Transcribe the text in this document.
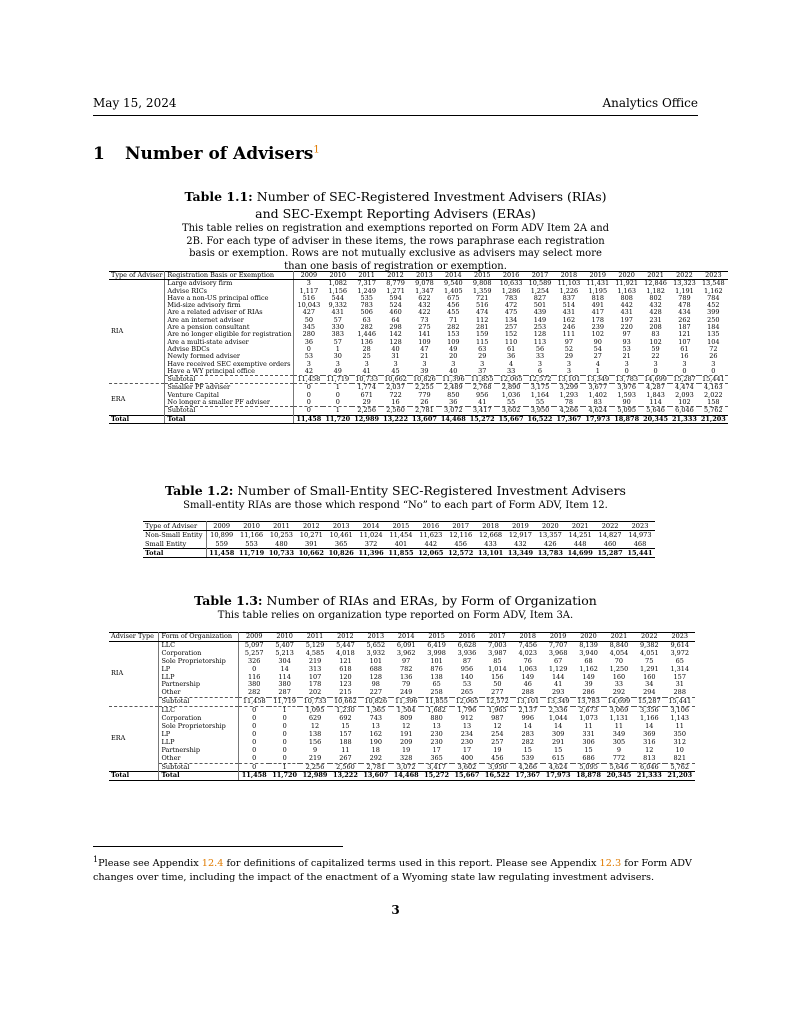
May 15, 2024	Analytics Office
1 Number of Advisers$^1$
Table 1.1: Number of SEC-Registered Investment Advisers (RIAs) and SEC-Exempt Reporting Advisers (ERAs)
This table relies on registration and exemptions reported on Form ADV Item 2A and 2B. For each type of adviser in these items, the rows paraphrase each registration basis or exemption. Rows are not mutually exclusive as advisers may select more than one basis of registration or exemption.
Type of Adviser	Registration Basis or Exemption	2009	2010	2011	2012	2013	2014	2015	2016	2017	2018	2019	2020	2021	2022	2023
RIA	Large advisory firm	3	1,082	7,317	8,779	9,078	9,540	9,808	10,633	10,589	11,103	11,431	11,921	12,846	13,323	13,548
	Advise RICs	1,117	1,156	1,249	1,271	1,347	1,405	1,359	1,286	1,254	1,226	1,195	1,163	1,182	1,191	1,162
	Have a non-US principal office	516	544	535	594	622	675	721	783	827	837	818	808	802	789	784
	Mid-size advisory firm	10,043	9,332	783	524	432	456	516	472	501	514	491	442	432	478	452
	Are a related adviser of RIAs	427	431	506	460	422	455	474	475	439	431	417	431	428	434	399
	Are an internet adviser	50	57	63	64	73	71	112	134	149	162	178	197	231	262	250
	Are a pension consultant	345	330	282	298	275	282	281	257	253	246	239	220	208	187	184
	Are no longer eligible for registration	280	383	1,446	142	141	153	159	152	128	111	102	97	83	121	135
	Are a multi-state adviser	36	57	136	128	109	109	115	110	113	97	90	93	102	107	104
	Advise BDCs	0	1	28	40	47	49	63	61	56	52	54	53	59	61	72
	Newly formed adviser	53	30	25	31	21	20	29	36	33	29	27	21	22	16	26
	Have received SEC exemptive orders	3	3	3	3	3	3	3	4	3	3	4	3	3	3	3
	Have a WY principal office	42	49	41	45	39	40	37	33	6	3	1	0	0	0	0
	Subtotal	11,458	11,719	10,733	10,662	10,826	11,396	11,855	12,065	12,572	13,101	13,349	13,783	14,699	15,287	15,441
ERA	Smaller PF adviser	0	1	1,774	2,037	2,255	2,489	2,768	2,890	3,175	3,299	3,677	3,976	4,287	4,474	4,163
	Venture Capital	0	0	671	722	779	850	956	1,036	1,164	1,293	1,402	1,593	1,843	2,093	2,022
	No longer a smaller PF adviser	0	0	29	16	26	36	41	55	55	78	83	90	114	102	158
	Subtotal	0	1	2,256	2,560	2,781	3,072	3,417	3,602	3,950	4,266	4,624	5,095	5,646	6,046	5,762
Total	Total	11,458	11,720	12,989	13,222	13,607	14,468	15,272	15,667	16,522	17,367	17,973	18,878	20,345	21,333	21,203
Table 1.2: Number of Small-Entity SEC-Registered Investment Advisers
Small-entity RIAs are those which respond “No” to each part of Form ADV, Item 12.
Type of Adviser	2009	2010	2011	2012	2013	2014	2015	2016	2017	2018	2019	2020	2021	2022	2023
Non-Small Entity	10,899	11,166	10,253	10,271	10,461	11,024	11,454	11,623	12,116	12,668	12,917	13,357	14,251	14,827	14,973
Small Entity	559	553	480	391	365	372	401	442	456	433	432	426	448	460	468
Total	11,458	11,719	10,733	10,662	10,826	11,396	11,855	12,065	12,572	13,101	13,349	13,783	14,699	15,287	15,441
Table 1.3: Number of RIAs and ERAs, by Form of Organization
This table relies on organization type reported on Form ADV, Item 3A.
Adviser Type	Form of Organization	2009	2010	2011	2012	2013	2014	2015	2016	2017	2018	2019	2020	2021	2022	2023
RIA	LLC	5,097	5,407	5,129	5,447	5,652	6,091	6,419	6,628	7,003	7,456	7,707	8,139	8,840	9,382	9,614
	Corporation	5,257	5,213	4,585	4,018	3,932	3,962	3,998	3,936	3,987	4,023	3,968	3,940	4,054	4,051	3,972
	Sole Proprietorship	326	304	219	121	101	97	101	87	85	76	67	68	70	75	65
	LP	0	14	313	618	688	782	876	956	1,014	1,063	1,129	1,162	1,250	1,291	1,314
	LLP	116	114	107	120	128	136	138	140	156	149	144	149	160	160	157
	Partnership	380	380	178	123	98	79	65	53	50	46	41	39	33	34	31
	Other	282	287	202	215	227	249	258	265	277	288	293	286	292	294	288
	Subtotal	11,458	11,719	10,733	10,662	10,826	11,396	11,855	12,065	12,572	13,101	13,349	13,783	14,699	15,287	15,441
ERA	LLC	0	1	1,095	1,230	1,365	1,504	1,682	1,796	1,965	2,137	2,336	2,673	3,069	3,356	3,106
	Corporation	0	0	629	692	743	809	880	912	987	996	1,044	1,073	1,131	1,166	1,143
	Sole Proprietorship	0	0	12	15	13	12	13	13	12	14	14	11	11	14	11
	LP	0	0	138	157	162	191	230	234	254	283	309	331	349	369	350
	LLP	0	0	156	188	190	209	230	230	257	282	291	306	305	316	312
	Partnership	0	0	9	11	18	19	17	17	19	15	15	15	9	12	10
	Other	0	0	219	267	292	328	365	400	456	539	615	686	772	813	821
	Subtotal	0	1	2,256	2,560	2,781	3,072	3,417	3,602	3,950	4,266	4,624	5,095	5,646	6,046	5,762
Total	Total	11,458	11,720	12,989	13,222	13,607	14,468	15,272	15,667	16,522	17,367	17,973	18,878	20,345	21,333	21,203
$^1$Please see Appendix 12.4 for definitions of capitalized terms used in this report. Please see Appendix 12.3 for Form ADV changes over time, including the impact of the enactment of a Wyoming state law regulating investment advisers.
3
